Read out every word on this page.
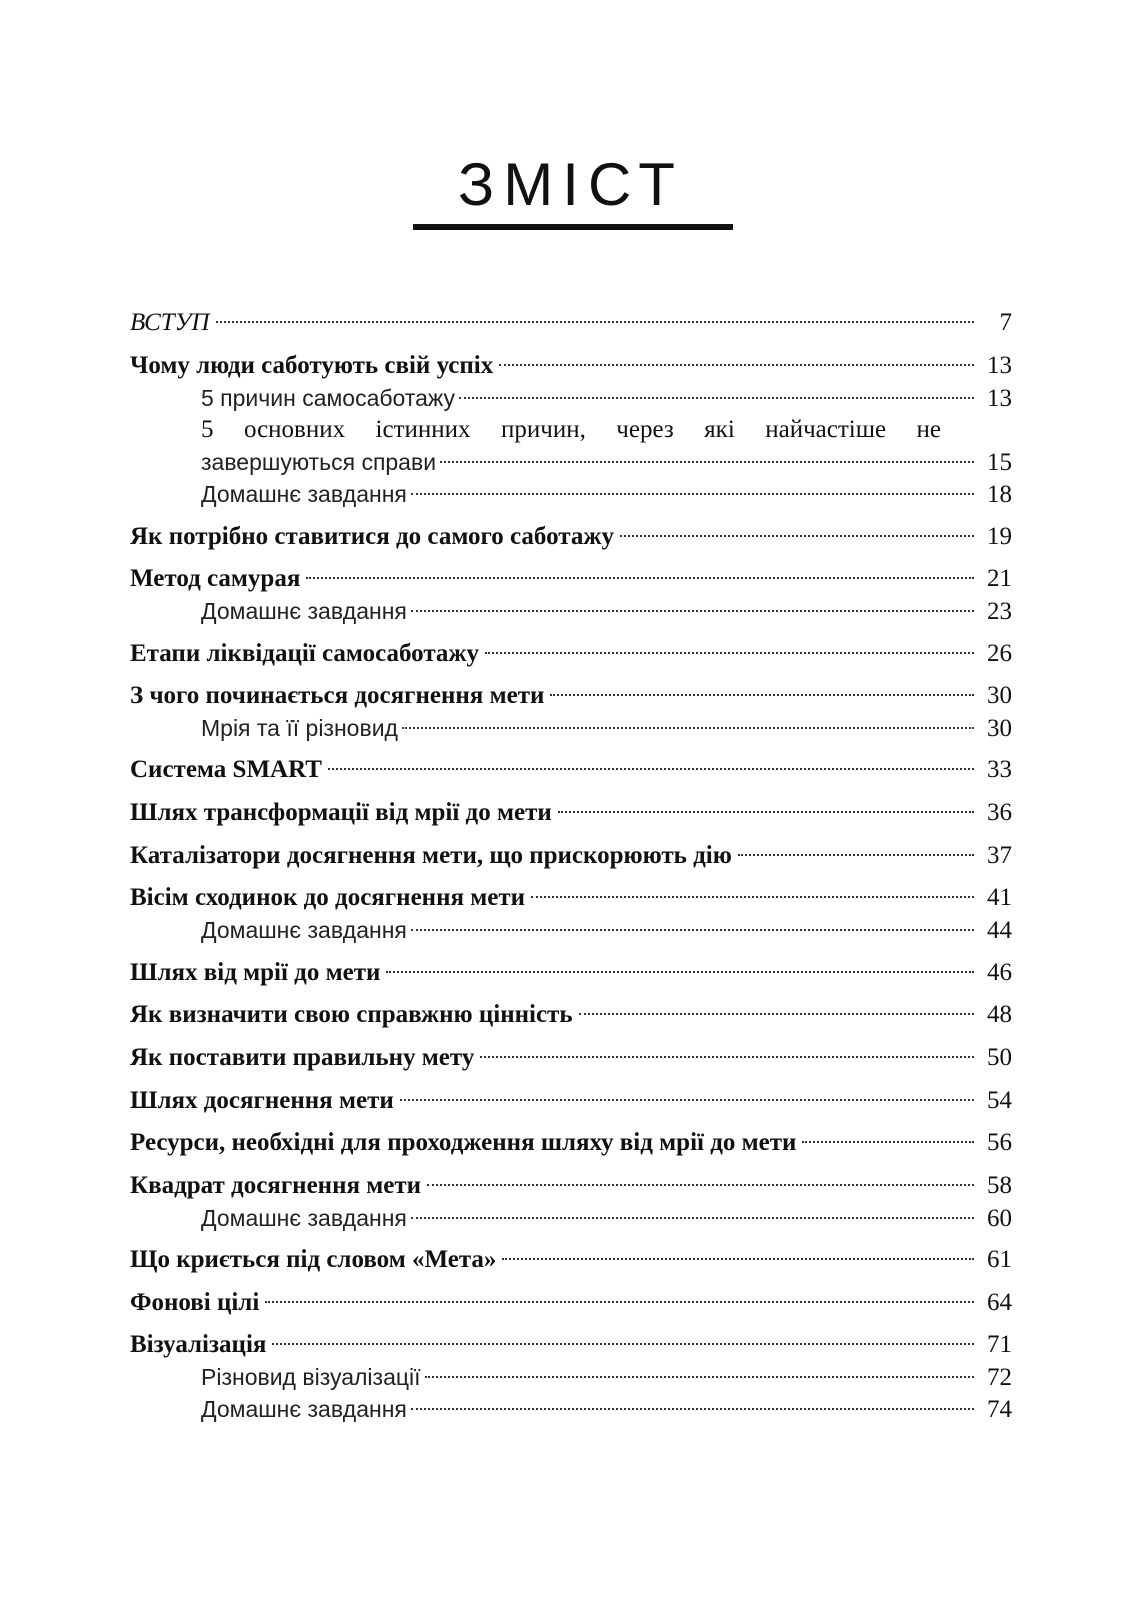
ЗМІСТ
ВСТУП	7
Чому люди саботують свій успіх	13
5 причин самосаботажу	13
5 основних істинних причин, через які найчастіше не
завершуються справи	15
Домашнє завдання	18
Як потрібно ставитися до самого саботажу	19
Метод самурая	21
Домашнє завдання	23
Етапи ліквідації самосаботажу	26
З чого починається досягнення мети	30
Мрія та її різновид	30
Система SMART	33
Шлях трансформації від мрії до мети	36
Каталізатори досягнення мети, що прискорюють дію	37
Вісім сходинок до досягнення мети	41
Домашнє завдання	44
Шлях від мрії до мети	46
Як визначити свою справжню цінність	48
Як поставити правильну мету	50
Шлях досягнення мети	54
Ресурси, необхідні для проходження шляху від мрії до мети	56
Квадрат досягнення мети	58
Домашнє завдання	60
Що криється під словом «Мета»	61
Фонові цілі	64
Візуалізація	71
Різновид візуалізації	72
Домашнє завдання	74
